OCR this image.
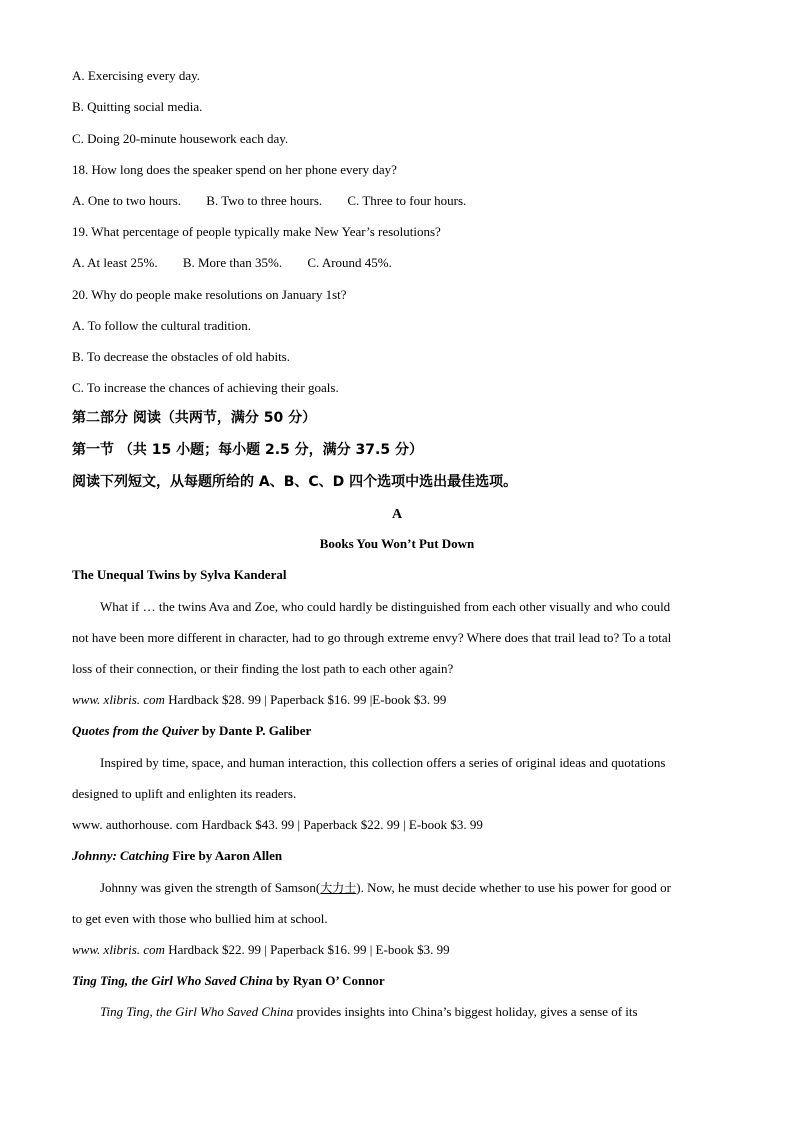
A. Exercising every day.
B. Quitting social media.
C. Doing 20-minute housework each day.
18. How long does the speaker spend on her phone every day?
A. One to two hours. B. Two to three hours. C. Three to four hours.
19. What percentage of people typically make New Year’s resolutions?
A. At least 25%. B. More than 35%. C. Around 45%.
20. Why do people make resolutions on January 1st?
A. To follow the cultural tradition.
B. To decrease the obstacles of old habits.
C. To increase the chances of achieving their goals.
第二部分 阅读（共两节，满分 50 分）
第一节 （共 15 小题；每小题 2.5 分，满分 37.5 分）
阅读下列短文，从每题所给的 A、B、C、D 四个选项中选出最佳选项。
A
Books You Won’t Put Down
The Unequal Twins by Sylva Kanderal
What if … the twins Ava and Zoe, who could hardly be distinguished from each other visually and who could
not have been more different in character, had to go through extreme envy? Where does that trail lead to? To a total
loss of their connection, or their finding the lost path to each other again?
www. xlibris. com Hardback $28. 99 | Paperback $16. 99 |E-book $3. 99
Quotes from the Quiver by Dante P. Galiber
Inspired by time, space, and human interaction, this collection offers a series of original ideas and quotations
designed to uplift and enlighten its readers.
www. authorhouse. com Hardback $43. 99 | Paperback $22. 99 | E-book $3. 99
Johnny: Catching Fire by Aaron Allen
Johnny was given the strength of Samson(大力士). Now, he must decide whether to use his power for good or
to get even with those who bullied him at school.
www. xlibris. com Hardback $22. 99 | Paperback $16. 99 | E-book $3. 99
Ting Ting, the Girl Who Saved China by Ryan O’ Connor
Ting Ting, the Girl Who Saved China provides insights into China’s biggest holiday, gives a sense of its
